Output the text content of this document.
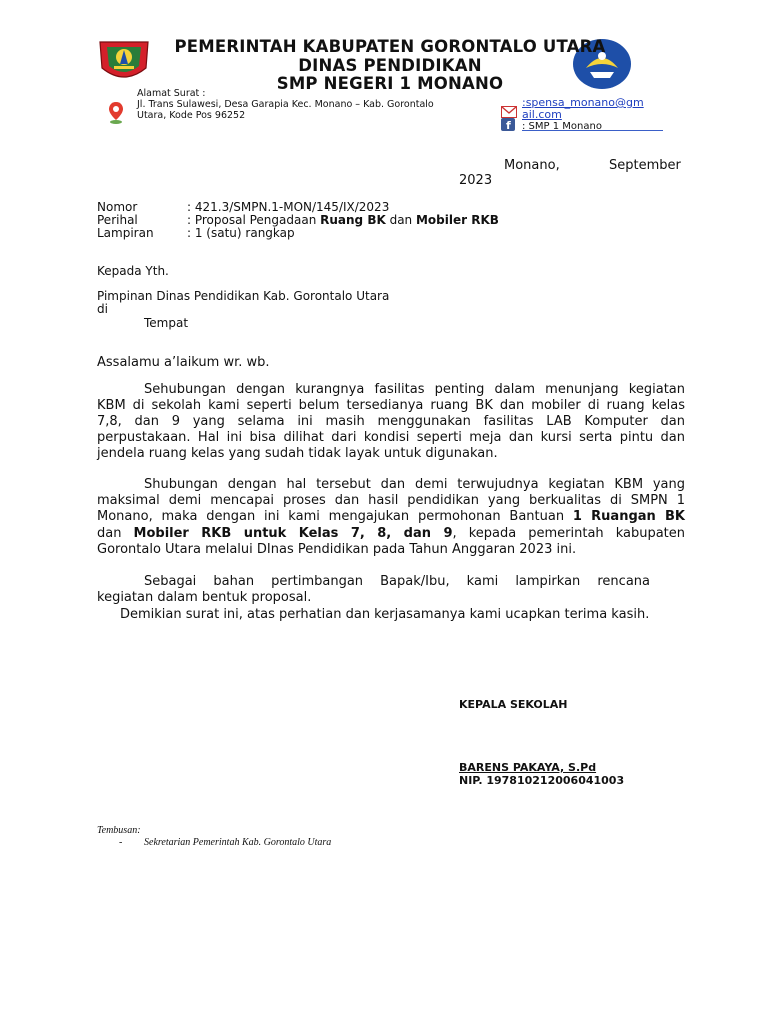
PEMERINTAH KABUPATEN GORONTALO UTARA
DINAS PENDIDIKAN
SMP NEGERI 1 MONANO
Alamat Surat :
Jl. Trans Sulawesi, Desa Garapia Kec. Monano – Kab. Gorontalo
Utara, Kode Pos 96252
f
:spensa_monano@gm
ail.com
: SMP 1 Monano
Monano,	September
2023
Nomor	: 421.3/SMPN.1-MON/145/IX/2023
Perihal	: Proposal Pengadaan Ruang BK dan Mobiler RKB
Lampiran	: 1 (satu) rangkap
Kepada Yth.
Pimpinan Dinas Pendidikan Kab. Gorontalo Utara
di
Tempat
Assalamu a’laikum wr. wb.
Sehubungan dengan kurangnya fasilitas penting dalam menunjang kegiatan
KBM di sekolah kami seperti belum tersedianya ruang BK dan mobiler di ruang kelas
7,8, dan 9 yang selama ini masih menggunakan fasilitas LAB Komputer dan
perpustakaan. Hal ini bisa dilihat dari kondisi seperti meja dan kursi serta pintu dan
jendela ruang kelas yang sudah tidak layak untuk digunakan.
Shubungan dengan hal tersebut dan demi terwujudnya kegiatan KBM yang
maksimal demi mencapai proses dan hasil pendidikan yang berkualitas di SMPN 1
Monano, maka dengan ini kami mengajukan permohonan Bantuan 1 Ruangan BK
dan Mobiler RKB untuk Kelas 7, 8, dan 9, kepada pemerintah kabupaten
Gorontalo Utara melalui DInas Pendidikan pada Tahun Anggaran 2023 ini.
Sebagai bahan pertimbangan Bapak/Ibu, kami lampirkan rencana
kegiatan dalam bentuk proposal.
Demikian surat ini, atas perhatian dan kerjasamanya kami ucapkan terima kasih.
KEPALA SEKOLAH
BARENS PAKAYA, S.Pd
NIP. 197810212006041003
Tembusan:
- Sekretarian Pemerintah Kab. Gorontalo Utara
